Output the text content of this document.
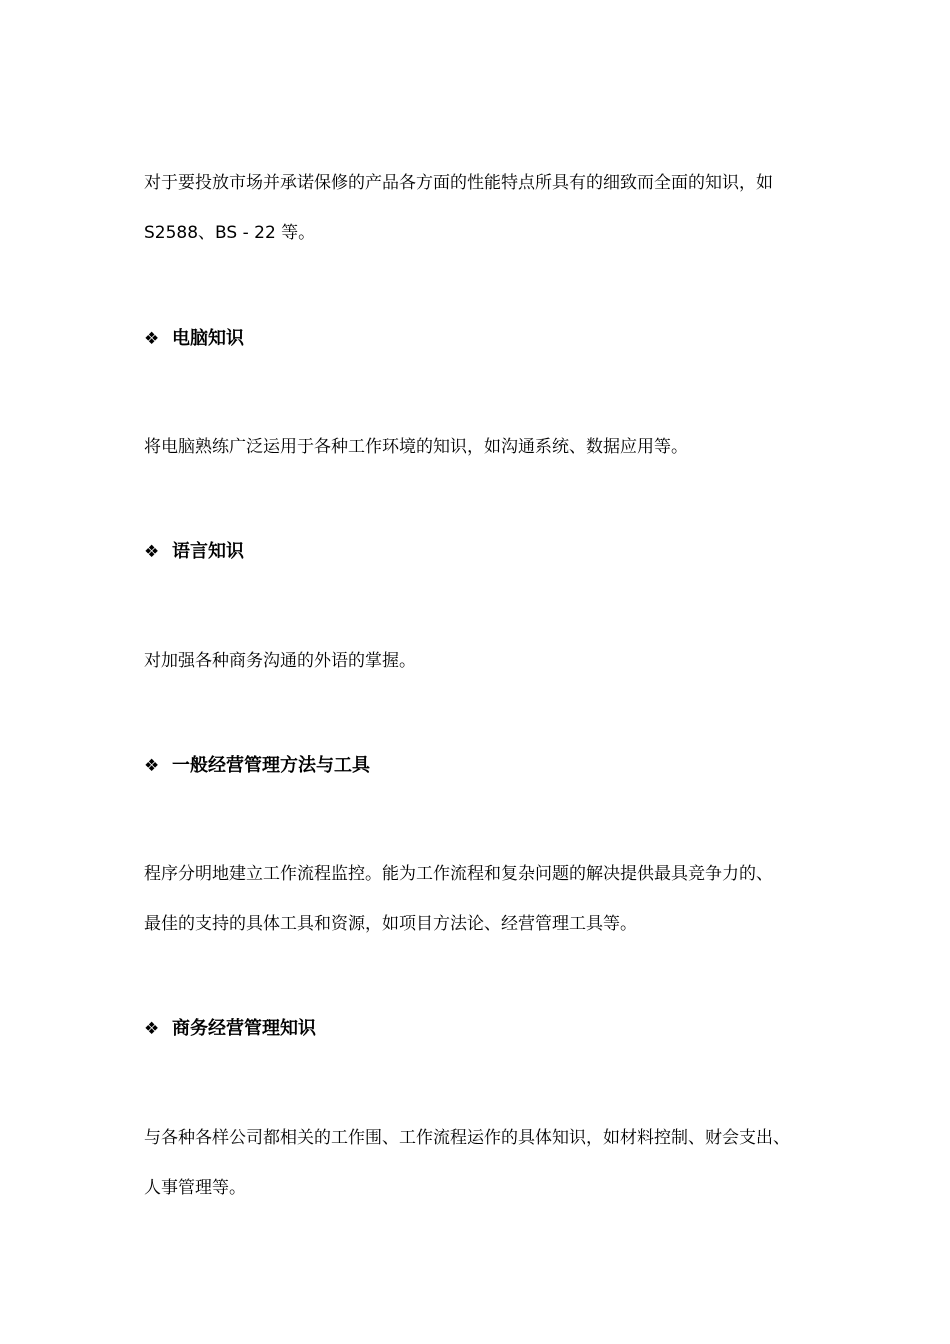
对于要投放市场并承诺保修的产品各方面的性能特点所具有的细致而全面的知识，如
S2588、BS - 22 等。
❖ 电脑知识
将电脑熟练广泛运用于各种工作环境的知识，如沟通系统、数据应用等。
❖ 语言知识
对加强各种商务沟通的外语的掌握。
❖ 一般经营管理方法与工具
程序分明地建立工作流程监控。能为工作流程和复杂问题的解决提供最具竞争力的、
最佳的支持的具体工具和资源，如项目方法论、经营管理工具等。
❖ 商务经营管理知识
与各种各样公司都相关的工作围、工作流程运作的具体知识，如材料控制、财会支出、
人事管理等。
